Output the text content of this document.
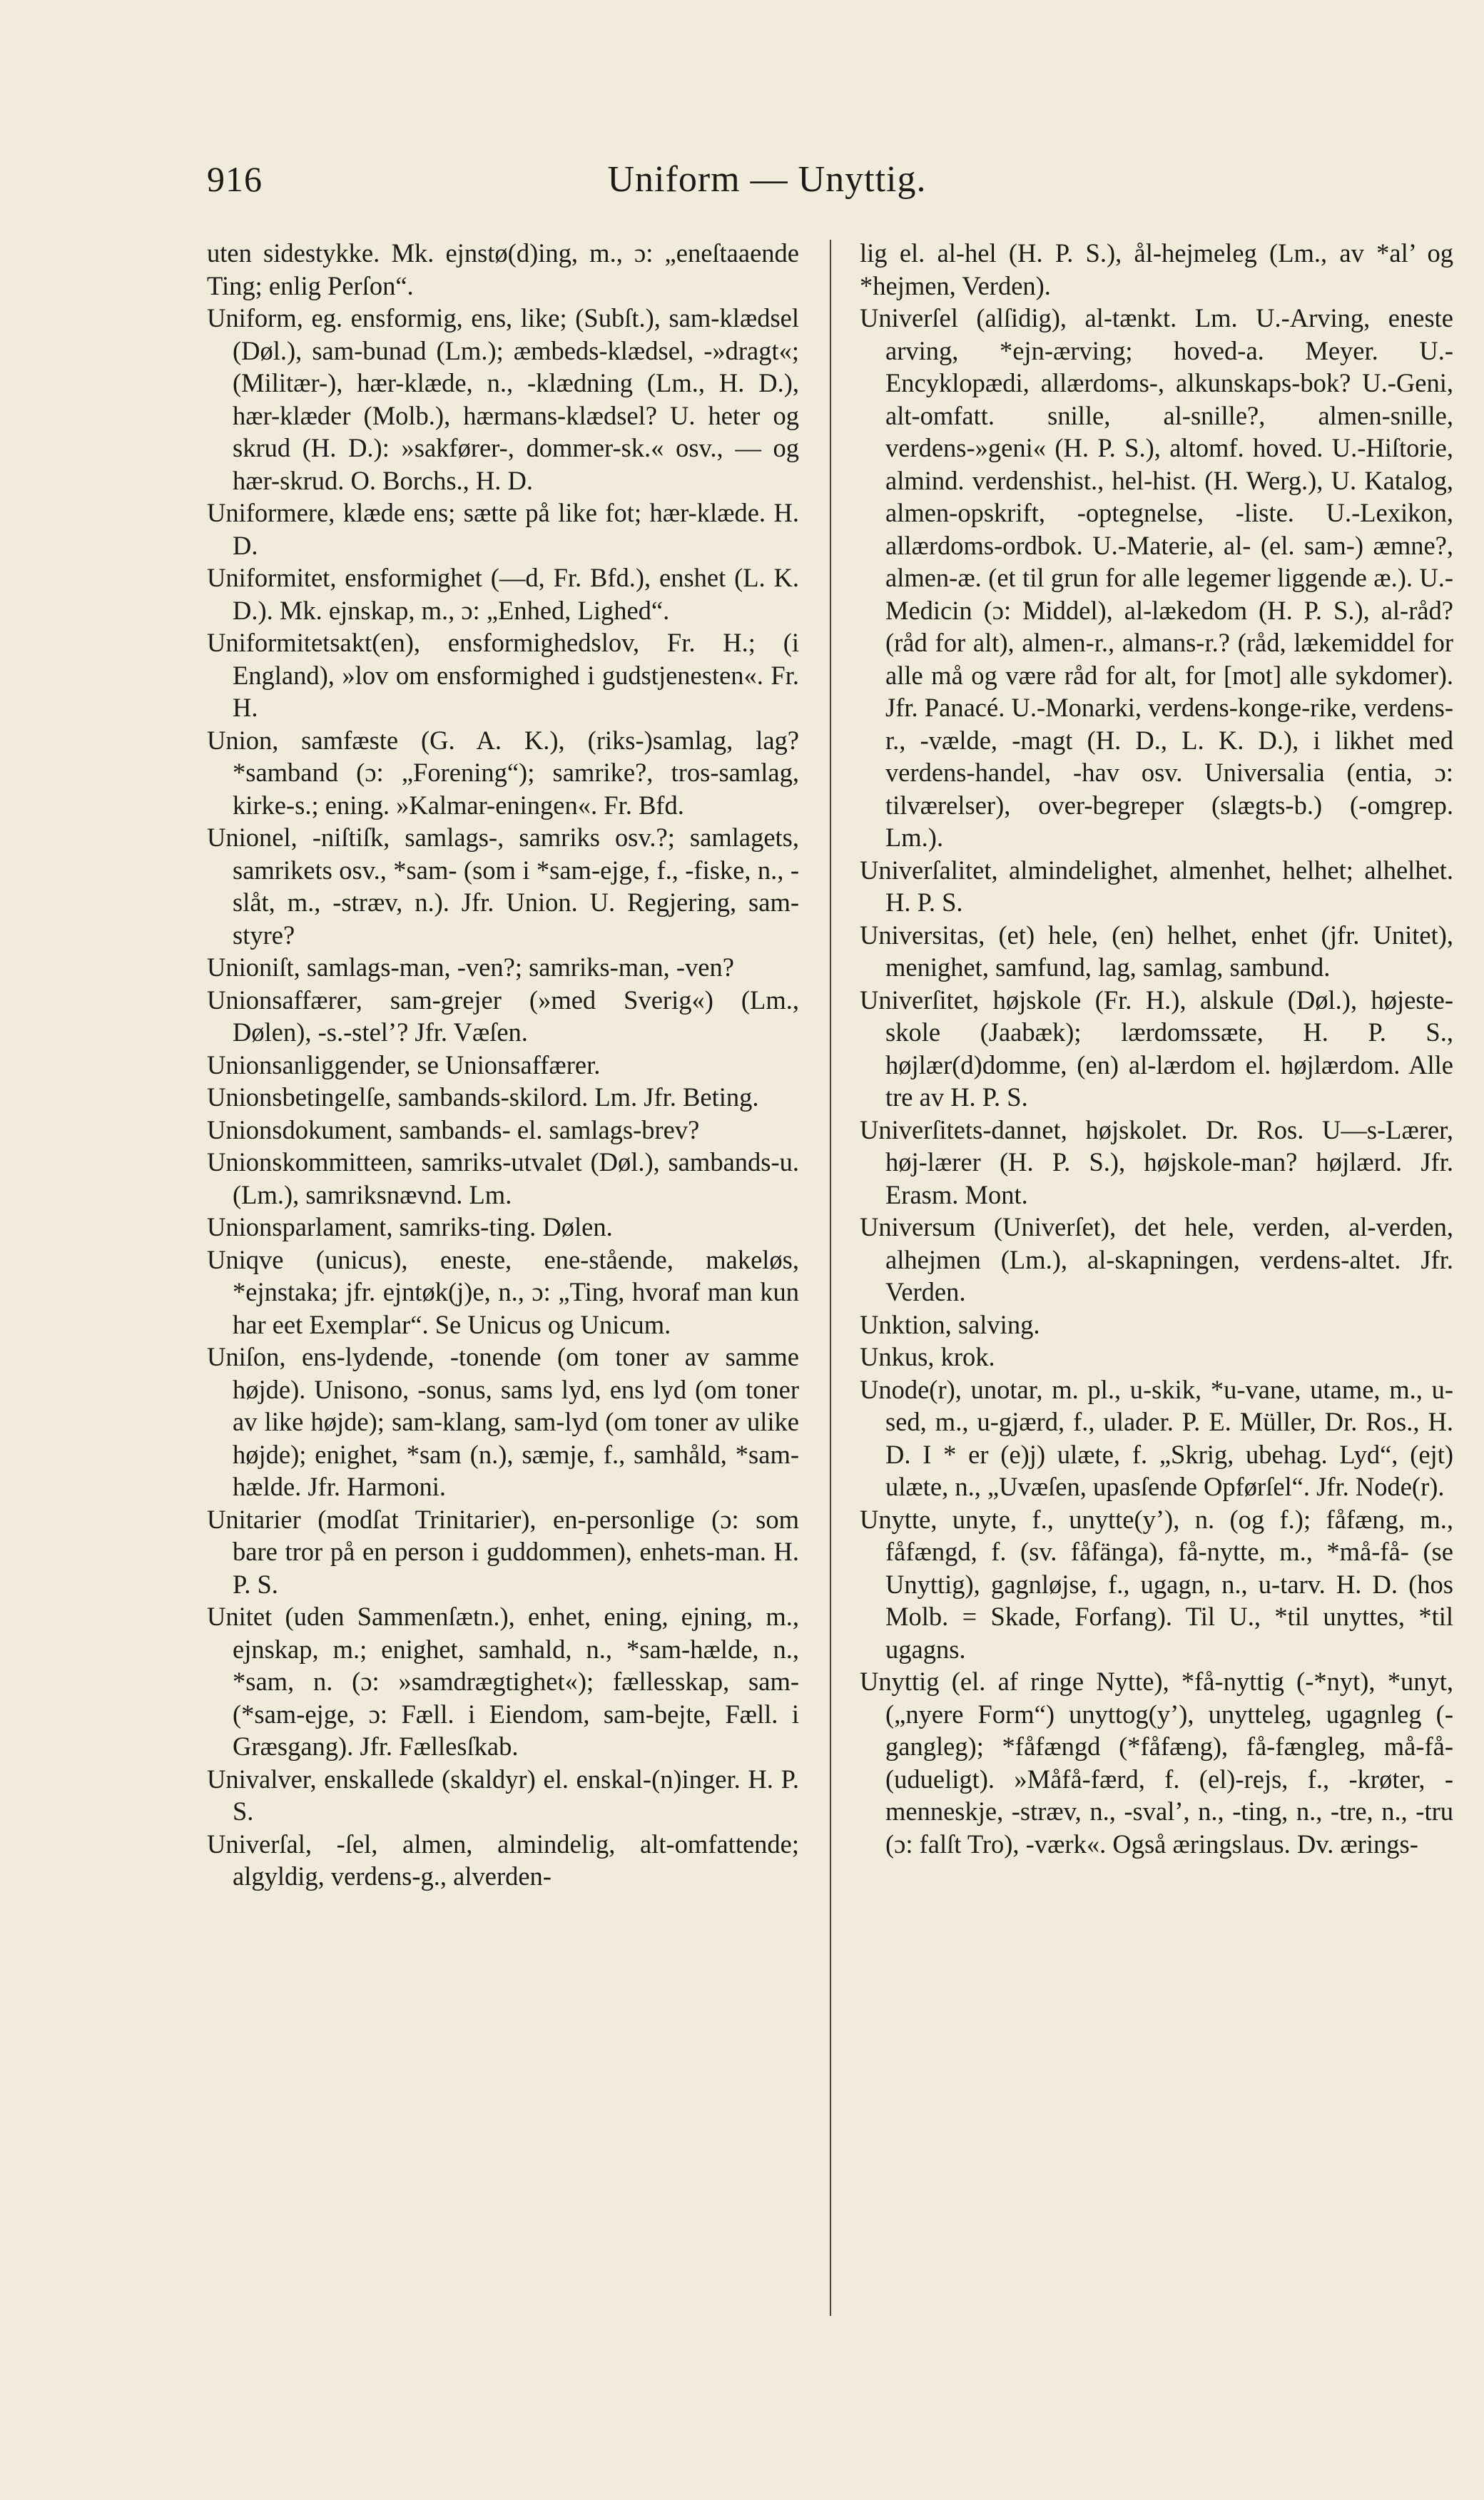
916	Uniform — Unyttig.

uten sidestykke. Mk. ejnstø(d)ing, m., ɔ: „eneſtaaende Ting; enlig Perſon“.

Uniform, eg. ensformig, ens, like; (Subſt.), sam-klædsel (Døl.), sam-bunad (Lm.); æmbeds-klædsel, -»dragt«; (Militær-), hær-klæde, n., -klædning (Lm., H. D.), hær-klæder (Molb.), hærmans-klædsel? U. heter og skrud (H. D.): »sakfører-, dommer-sk.« osv., — og hær-skrud. O. Borchs., H. D.

Uniformere, klæde ens; sætte på like fot; hær-klæde. H. D.

Uniformitet, ensformighet (—d, Fr. Bfd.), enshet (L. K. D.). Mk. ejnskap, m., ɔ: „Enhed, Lighed“.

Uniformitetsakt(en), ensformighedslov, Fr. H.; (i England), »lov om ensformighed i gudstjenesten«. Fr. H.

Union, samfæste (G. A. K.), (riks-)samlag, lag? *samband (ɔ: „Forening“); samrike?, tros-samlag, kirke-s.; ening. »Kalmar-eningen«. Fr. Bfd.

Unionel, -niſtiſk, samlags-, samriks osv.?; samlagets, samrikets osv., *sam- (som i *sam-ejge, f., -fiske, n., -slåt, m., -stræv, n.). Jfr. Union. U. Regjering, sam-styre?

Unioniſt, samlags-man, -ven?; samriks-man, -ven?

Unionsaffærer, sam-grejer (»med Sverig«) (Lm., Dølen), -s.-stel’? Jfr. Væſen.

Unionsanliggender, se Unionsaffærer.

Unionsbetingelſe, sambands-skilord. Lm. Jfr. Beting.

Unionsdokument, sambands- el. samlags-brev?

Unionskommitteen, samriks-utvalet (Døl.), sambands-u. (Lm.), samriksnævnd. Lm.

Unionsparlament, samriks-ting. Dølen.

Uniqve (unicus), eneste, ene-stående, makeløs, *ejnstaka; jfr. ejntøk(j)e, n., ɔ: „Ting, hvoraf man kun har eet Exemplar“. Se Unicus og Unicum.

Uniſon, ens-lydende, -tonende (om toner av samme højde). Unisono, -sonus, sams lyd, ens lyd (om toner av like højde); sam-klang, sam-lyd (om toner av ulike højde); enighet, *sam (n.), sæmje, f., samhåld, *sam-hælde. Jfr. Harmoni.

Unitarier (modſat Trinitarier), en-personlige (ɔ: som bare tror på en person i guddommen), enhets-man. H. P. S.

Unitet (uden Sammenſætn.), enhet, ening, ejning, m., ejnskap, m.; enighet, samhald, n., *sam-hælde, n., *sam, n. (ɔ: »samdrægtighet«); fællesskap, sam- (*sam-ejge, ɔ: Fæll. i Eiendom, sam-bejte, Fæll. i Græsgang). Jfr. Fællesſkab.

Univalver, enskallede (skaldyr) el. enskal-(n)inger. H. P. S.

Univerſal, -ſel, almen, almindelig, alt-omfattende; algyldig, verdens-g., alverden-

lig el. al-hel (H. P. S.), ål-hejmeleg (Lm., av *al’ og *hejmen, Verden).

Univerſel (alſidig), al-tænkt. Lm. U.-Arving, eneste arving, *ejn-ærving; hoved-a. Meyer. U.-Encyklopædi, allærdoms-, alkunskaps-bok? U.-Geni, alt-omfatt. snille, al-snille?, almen-snille, verdens-»geni« (H. P. S.), altomf. hoved. U.-Hiſtorie, almind. verdenshist., hel-hist. (H. Werg.), U. Katalog, almen-opskrift, -optegnelse, -liste. U.-Lexikon, allærdoms-ordbok. U.-Materie, al- (el. sam-) æmne?, almen-æ. (et til grun for alle legemer liggende æ.). U.-Medicin (ɔ: Middel), al-lækedom (H. P. S.), al-råd? (råd for alt), almen-r., almans-r.? (råd, lækemiddel for alle må og være råd for alt, for [mot] alle sykdomer). Jfr. Panacé. U.-Monarki, verdens-konge-rike, verdens-r., -vælde, -magt (H. D., L. K. D.), i likhet med verdens-handel, -hav osv. Universalia (entia, ɔ: tilværelser), over-begreper (slægts-b.) (-omgrep. Lm.).

Univerſalitet, almindelighet, almenhet, helhet; alhelhet. H. P. S.

Universitas, (et) hele, (en) helhet, enhet (jfr. Unitet), menighet, samfund, lag, samlag, sambund.

Univerſitet, højskole (Fr. H.), alskule (Døl.), højeste-skole (Jaabæk); lærdomssæte, H. P. S., højlær(d)domme, (en) al-lærdom el. højlærdom. Alle tre av H. P. S.

Univerſitets-dannet, højskolet. Dr. Ros. U—s-Lærer, høj-lærer (H. P. S.), højskole-man? højlærd. Jfr. Erasm. Mont.

Universum (Univerſet), det hele, verden, al-verden, alhejmen (Lm.), al-skapningen, verdens-altet. Jfr. Verden.

Unktion, salving.

Unkus, krok.

Unode(r), unotar, m. pl., u-skik, *u-vane, utame, m., u-sed, m., u-gjærd, f., ulader. P. E. Müller, Dr. Ros., H. D. I * er (e)j) ulæte, f. „Skrig, ubehag. Lyd“, (ejt) ulæte, n., „Uvæſen, upasſende Opførſel“. Jfr. Node(r).

Unytte, unyte, f., unytte(y’), n. (og f.); fåfæng, m., fåfængd, f. (sv. fåfänga), få-nytte, m., *må-få- (se Unyttig), gagnløjse, f., ugagn, n., u-tarv. H. D. (hos Molb. = Skade, Forfang). Til U., *til unyttes, *til ugagns.

Unyttig (el. af ringe Nytte), *få-nyttig (-*nyt), *unyt, („nyere Form“) unyttog(y’), unytteleg, ugagnleg (-gangleg); *fåfængd (*fåfæng), få-fængleg, må-få-(udueligt). »Måfå-færd, f. (el)-rejs, f., -krøter, -menneskje, -stræv, n., -sval’, n., -ting, n., -tre, n., -tru (ɔ: falſt Tro), -værk«. Også æringslaus. Dv. ærings-
